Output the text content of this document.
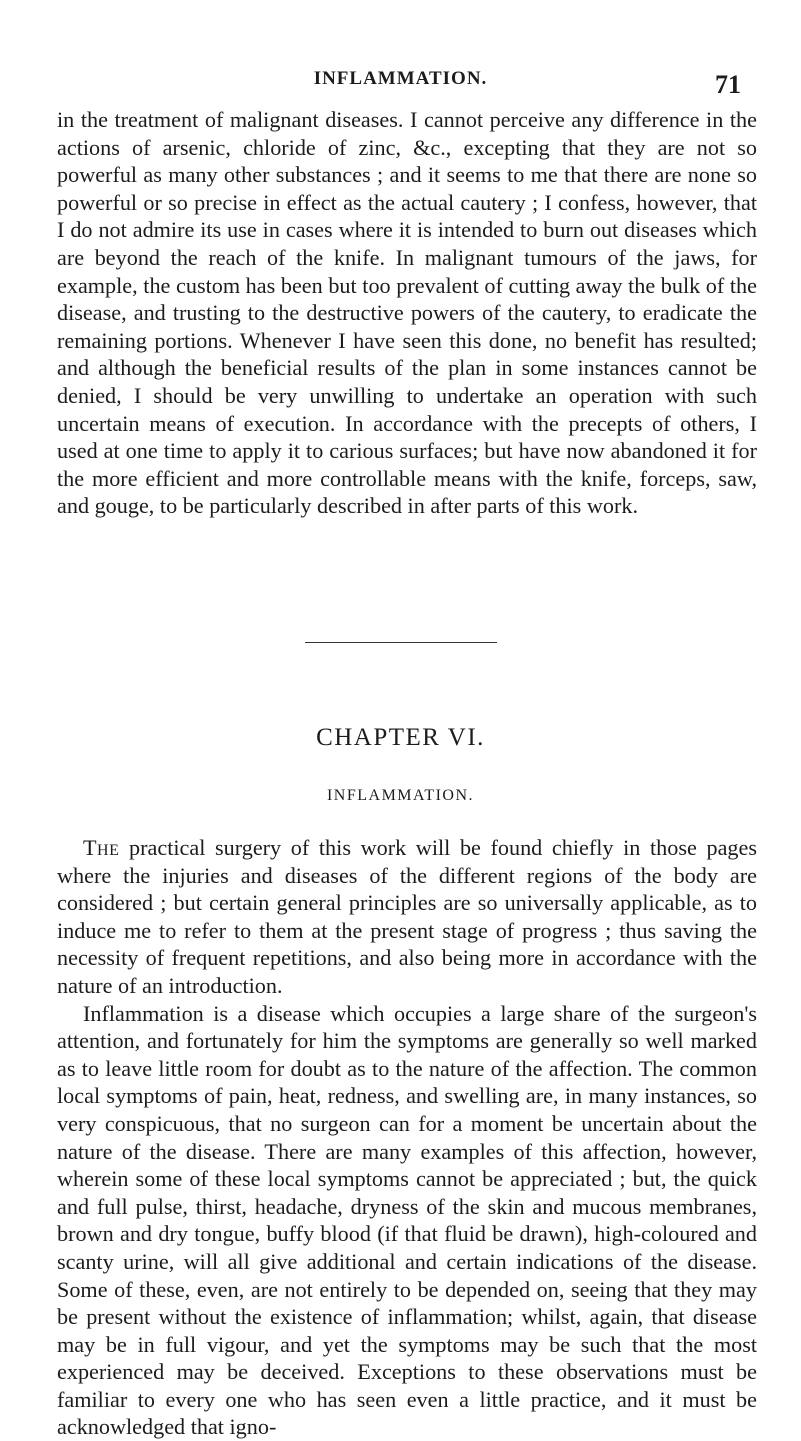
INFLAMMATION.	71

in the treatment of malignant diseases. I cannot perceive any difference in the actions of arsenic, chloride of zinc, &c., excepting that they are not so powerful as many other substances ; and it seems to me that there are none so powerful or so precise in effect as the actual cautery ; I confess, however, that I do not admire its use in cases where it is intended to burn out diseases which are beyond the reach of the knife. In malignant tumours of the jaws, for example, the custom has been but too prevalent of cutting away the bulk of the disease, and trusting to the destructive powers of the cautery, to eradicate the remaining portions. Whenever I have seen this done, no benefit has resulted; and although the beneficial results of the plan in some instances cannot be denied, I should be very unwilling to undertake an operation with such uncertain means of execution. In accordance with the precepts of others, I used at one time to apply it to carious surfaces; but have now abandoned it for the more efficient and more controllable means with the knife, forceps, saw, and gouge, to be particularly described in after parts of this work.

CHAPTER VI.
INFLAMMATION.

The practical surgery of this work will be found chiefly in those pages where the injuries and diseases of the different regions of the body are considered ; but certain general principles are so universally applicable, as to induce me to refer to them at the present stage of progress ; thus saving the necessity of frequent repetitions, and also being more in accordance with the nature of an introduction.

Inflammation is a disease which occupies a large share of the surgeon's attention, and fortunately for him the symptoms are generally so well marked as to leave little room for doubt as to the nature of the affection. The common local symptoms of pain, heat, redness, and swelling are, in many instances, so very conspicuous, that no surgeon can for a moment be uncertain about the nature of the disease. There are many examples of this affection, however, wherein some of these local symptoms cannot be appreciated ; but, the quick and full pulse, thirst, headache, dryness of the skin and mucous membranes, brown and dry tongue, buffy blood (if that fluid be drawn), high-coloured and scanty urine, will all give additional and certain indications of the disease. Some of these, even, are not entirely to be depended on, seeing that they may be present without the existence of inflammation; whilst, again, that disease may be in full vigour, and yet the symptoms may be such that the most experienced may be deceived. Exceptions to these observations must be familiar to every one who has seen even a little practice, and it must be acknowledged that igno-
